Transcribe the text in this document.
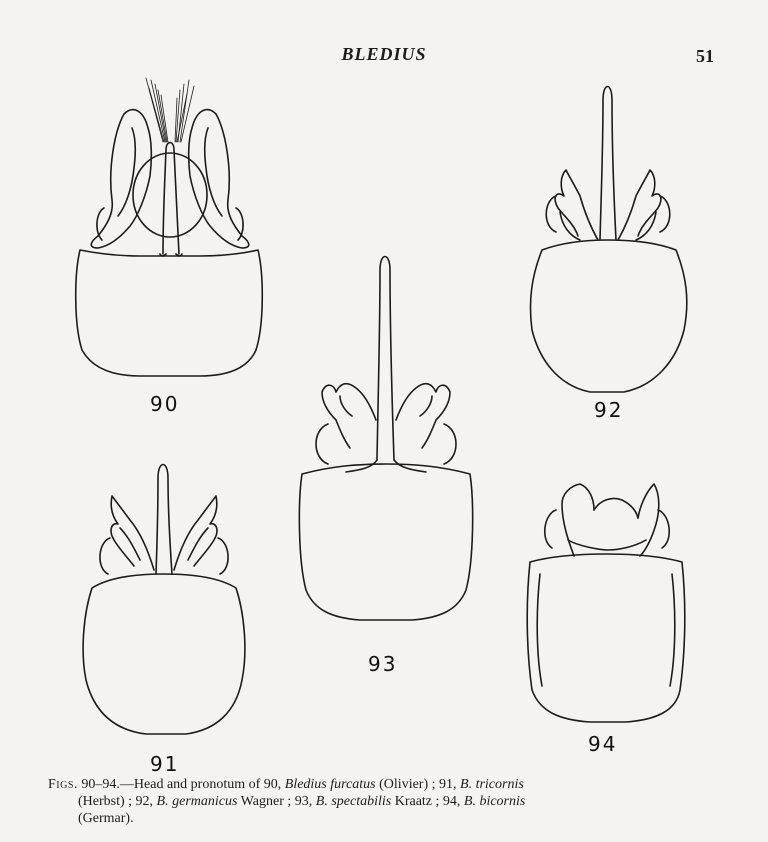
BLEDIUS	51
90	92
93
91
94
Figs. 90–94.—Head and pronotum of 90, Bledius furcatus (Olivier) ; 91, B. tricornis
(Herbst) ; 92, B. germanicus Wagner ; 93, B. spectabilis Kraatz ; 94, B. bicornis
(Germar).
